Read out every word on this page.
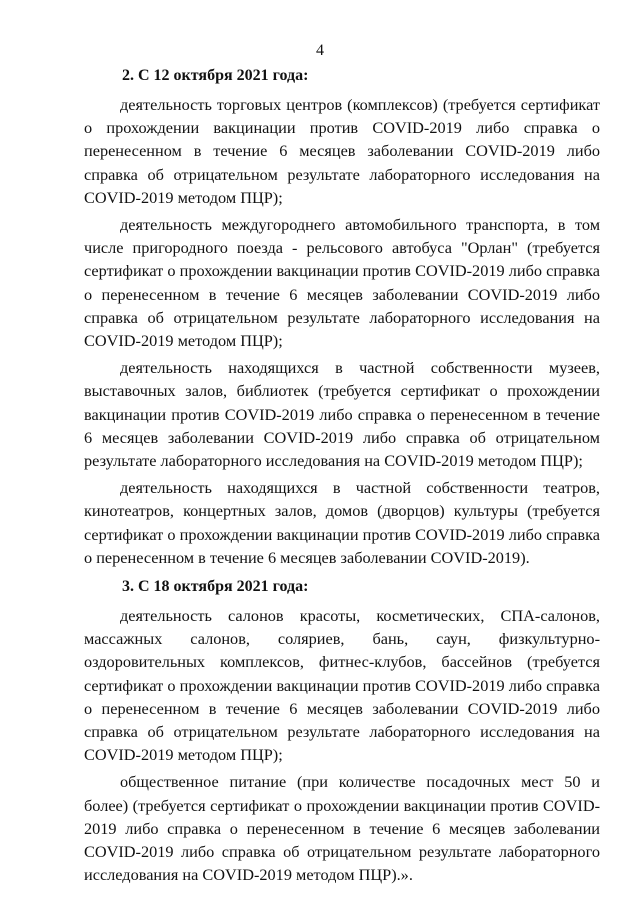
4
2. С 12 октября 2021 года:

деятельность торговых центров (комплексов) (требуется сертификат о прохождении вакцинации против COVID-2019 либо справка о перенесенном в течение 6 месяцев заболевании COVID-2019 либо справка об отрицательном результате лабораторного исследования на COVID-2019 методом ПЦР);

деятельность междугороднего автомобильного транспорта, в том числе пригородного поезда - рельсового автобуса "Орлан" (требуется сертификат о прохождении вакцинации против COVID-2019 либо справка о перенесенном в течение 6 месяцев заболевании COVID-2019 либо справка об отрицательном результате лабораторного исследования на COVID-2019 методом ПЦР);

деятельность находящихся в частной собственности музеев, выставочных залов, библиотек (требуется сертификат о прохождении вакцинации против COVID-2019 либо справка о перенесенном в течение 6 месяцев заболевании COVID-2019 либо справка об отрицательном результате лабораторного исследования на COVID-2019 методом ПЦР);

деятельность находящихся в частной собственности театров, кинотеатров, концертных залов, домов (дворцов) культуры (требуется сертификат о прохождении вакцинации против COVID-2019 либо справка о перенесенном в течение 6 месяцев заболевании COVID-2019).

3. С 18 октября 2021 года:

деятельность салонов красоты, косметических, СПА-салонов, массажных салонов, соляриев, бань, саун, физкультурно-оздоровительных комплексов, фитнес-клубов, бассейнов (требуется сертификат о прохождении вакцинации против COVID-2019 либо справка о перенесенном в течение 6 месяцев заболевании COVID-2019 либо справка об отрицательном результате лабораторного исследования на COVID-2019 методом ПЦР);

общественное питание (при количестве посадочных мест 50 и более) (требуется сертификат о прохождении вакцинации против COVID-2019 либо справка о перенесенном в течение 6 месяцев заболевании COVID-2019 либо справка об отрицательном результате лабораторного исследования на COVID-2019 методом ПЦР).».
